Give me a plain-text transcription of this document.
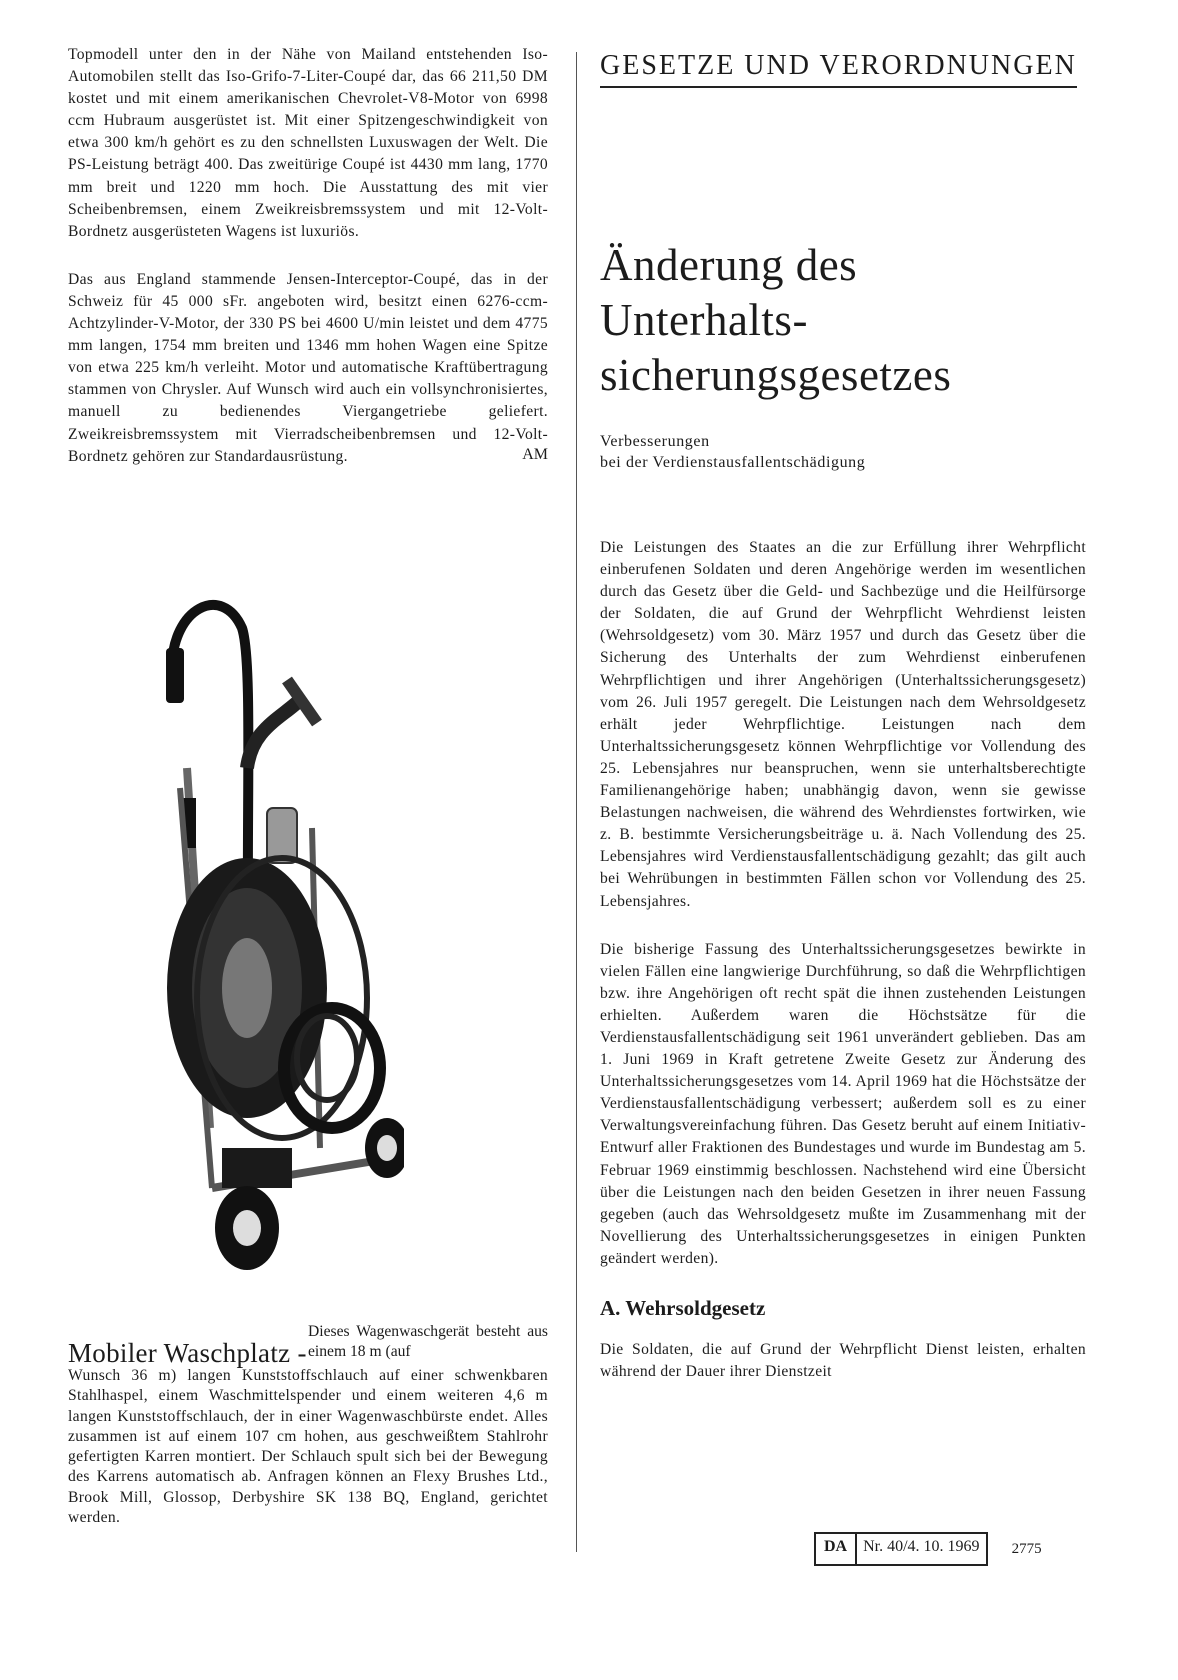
Topmodell unter den in der Nähe von Mailand entstehenden Iso-Automobilen stellt das Iso-Grifo-7-Liter-Coupé dar, das 66 211,50 DM kostet und mit einem amerikanischen Chevrolet-V8-Motor von 6998 ccm Hubraum ausgerüstet ist. Mit einer Spitzengeschwindigkeit von etwa 300 km/h gehört es zu den schnellsten Luxuswagen der Welt. Die PS-Leistung beträgt 400. Das zweitürige Coupé ist 4430 mm lang, 1770 mm breit und 1220 mm hoch. Die Ausstattung des mit vier Scheibenbremsen, einem Zweikreisbremssystem und mit 12-Volt-Bordnetz ausgerüsteten Wagens ist luxuriös.

Das aus England stammende Jensen-Interceptor-Coupé, das in der Schweiz für 45 000 sFr. angeboten wird, besitzt einen 6276-ccm-Achtzylinder-V-Motor, der 330 PS bei 4600 U/min leistet und dem 4775 mm langen, 1754 mm breiten und 1346 mm hohen Wagen eine Spitze von etwa 225 km/h verleiht. Motor und automatische Kraftübertragung stammen von Chrysler. Auf Wunsch wird auch ein vollsynchronisiertes, manuell zu bedienendes Viergangetriebe geliefert. Zweikreisbremssystem mit Vierradscheibenbremsen und 12-Volt-Bordnetz gehören zur Standardausrüstung.	AM
Mobiler Waschplatz -
Dieses Wagenwaschgerät besteht aus einem 18 m (auf

Wunsch 36 m) langen Kunststoffschlauch auf einer schwenkbaren Stahlhaspel, einem Waschmittelspender und einem weiteren 4,6 m langen Kunststoffschlauch, der in einer Wagenwaschbürste endet. Alles zusammen ist auf einem 107 cm hohen, aus geschweißtem Stahlrohr gefertigten Karren montiert. Der Schlauch spult sich bei der Bewegung des Karrens automatisch ab. Anfragen können an Flexy Brushes Ltd., Brook Mill, Glossop, Derbyshire SK 138 BQ, England, gerichtet werden.

GESETZE UND VERORDNUNGEN
Änderung des
Unterhalts-
sicherungsgesetzes
Verbesserungen
bei der Verdienstausfallentschädigung

Die Leistungen des Staates an die zur Erfüllung ihrer Wehrpflicht einberufenen Soldaten und deren Angehörige werden im wesentlichen durch das Gesetz über die Geld- und Sachbezüge und die Heilfürsorge der Soldaten, die auf Grund der Wehrpflicht Wehrdienst leisten (Wehrsoldgesetz) vom 30. März 1957 und durch das Gesetz über die Sicherung des Unterhalts der zum Wehrdienst einberufenen Wehrpflichtigen und ihrer Angehörigen (Unterhaltssicherungsgesetz) vom 26. Juli 1957 geregelt. Die Leistungen nach dem Wehrsoldgesetz erhält jeder Wehrpflichtige. Leistungen nach dem Unterhaltssicherungsgesetz können Wehrpflichtige vor Vollendung des 25. Lebensjahres nur beanspruchen, wenn sie unterhaltsberechtigte Familienangehörige haben; unabhängig davon, wenn sie gewisse Belastungen nachweisen, die während des Wehrdienstes fortwirken, wie z. B. bestimmte Versicherungsbeiträge u. ä. Nach Vollendung des 25. Lebensjahres wird Verdienstausfallentschädigung gezahlt; das gilt auch bei Wehrübungen in bestimmten Fällen schon vor Vollendung des 25. Lebensjahres.

Die bisherige Fassung des Unterhaltssicherungsgesetzes bewirkte in vielen Fällen eine langwierige Durchführung, so daß die Wehrpflichtigen bzw. ihre Angehörigen oft recht spät die ihnen zustehenden Leistungen erhielten. Außerdem waren die Höchstsätze für die Verdienstausfallentschädigung seit 1961 unverändert geblieben. Das am 1. Juni 1969 in Kraft getretene Zweite Gesetz zur Änderung des Unterhaltssicherungsgesetzes vom 14. April 1969 hat die Höchstsätze der Verdienstausfallentschädigung verbessert; außerdem soll es zu einer Verwaltungsvereinfachung führen. Das Gesetz beruht auf einem Initiativ-Entwurf aller Fraktionen des Bundestages und wurde im Bundestag am 5. Februar 1969 einstimmig beschlossen. Nachstehend wird eine Übersicht über die Leistungen nach den beiden Gesetzen in ihrer neuen Fassung gegeben (auch das Wehrsoldgesetz mußte im Zusammenhang mit der Novellierung des Unterhaltssicherungsgesetzes in einigen Punkten geändert werden).

A. Wehrsoldgesetz

Die Soldaten, die auf Grund der Wehrpflicht Dienst leisten, erhalten während der Dauer ihrer Dienstzeit

DA	Nr. 40/4. 10. 1969	2775
